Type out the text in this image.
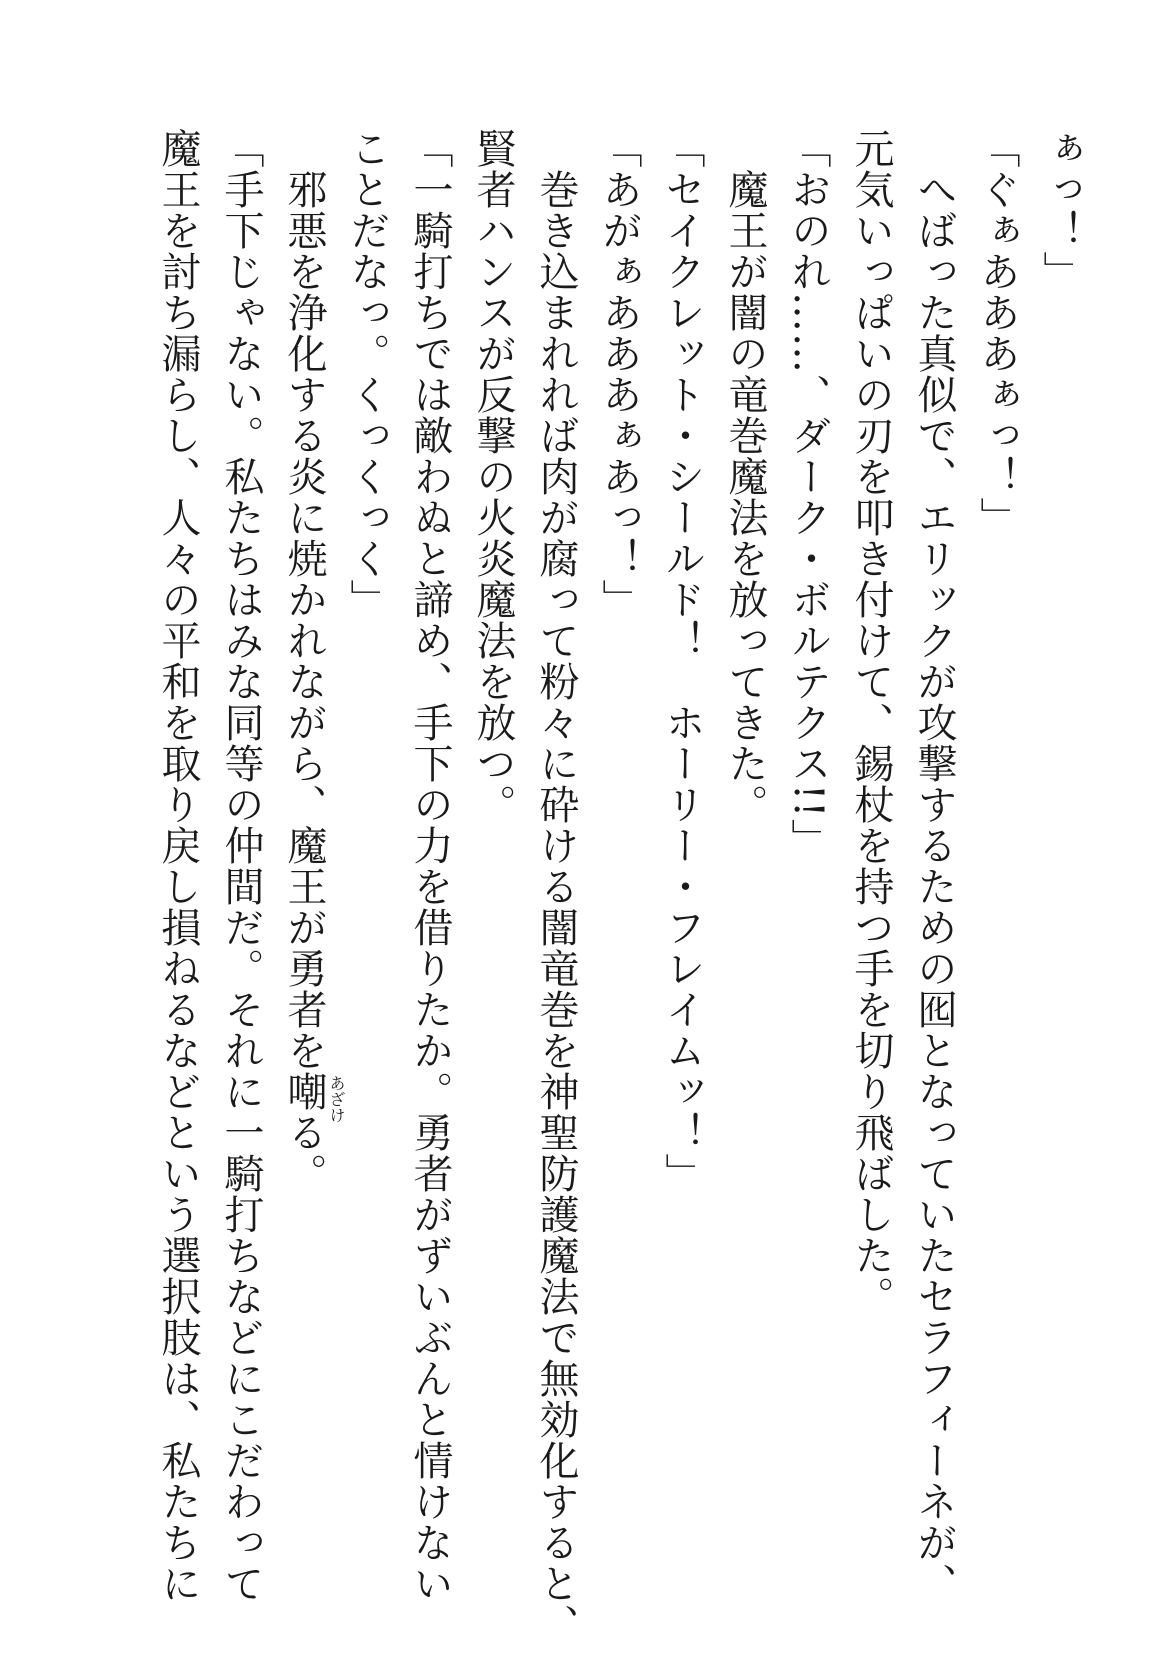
ぁっ！」
「ぐぁあああぁっ！」
　へばった真似で、エリックが攻撃するための囮となっていたセラフィーネが、
元気いっぱいの刃を叩き付けて、錫杖を持つ手を切り飛ばした。
「おのれ……、ダーク・ボルテクス!!」
　魔王が闇の竜巻魔法を放ってきた。
「セイクレット・シールド！　ホーリー・フレイムッ！」
「あがぁあああぁあっ！」
　巻き込まれれば肉が腐って粉々に砕ける闇竜巻を神聖防護魔法で無効化すると、
賢者ハンスが反撃の火炎魔法を放つ。
「一騎打ちでは敵わぬと諦め、手下の力を借りたか。勇者がずいぶんと情けない
ことだなっ。くっくっく」
　邪悪を浄化する炎に焼かれながら、魔王が勇者を嘲 あざけ
る。
「手下じゃない。私たちはみな同等の仲間だ。それに一騎打ちなどにこだわって
魔王を討ち漏らし、人々の平和を取り戻し損ねるなどという選択肢は、私たちに
